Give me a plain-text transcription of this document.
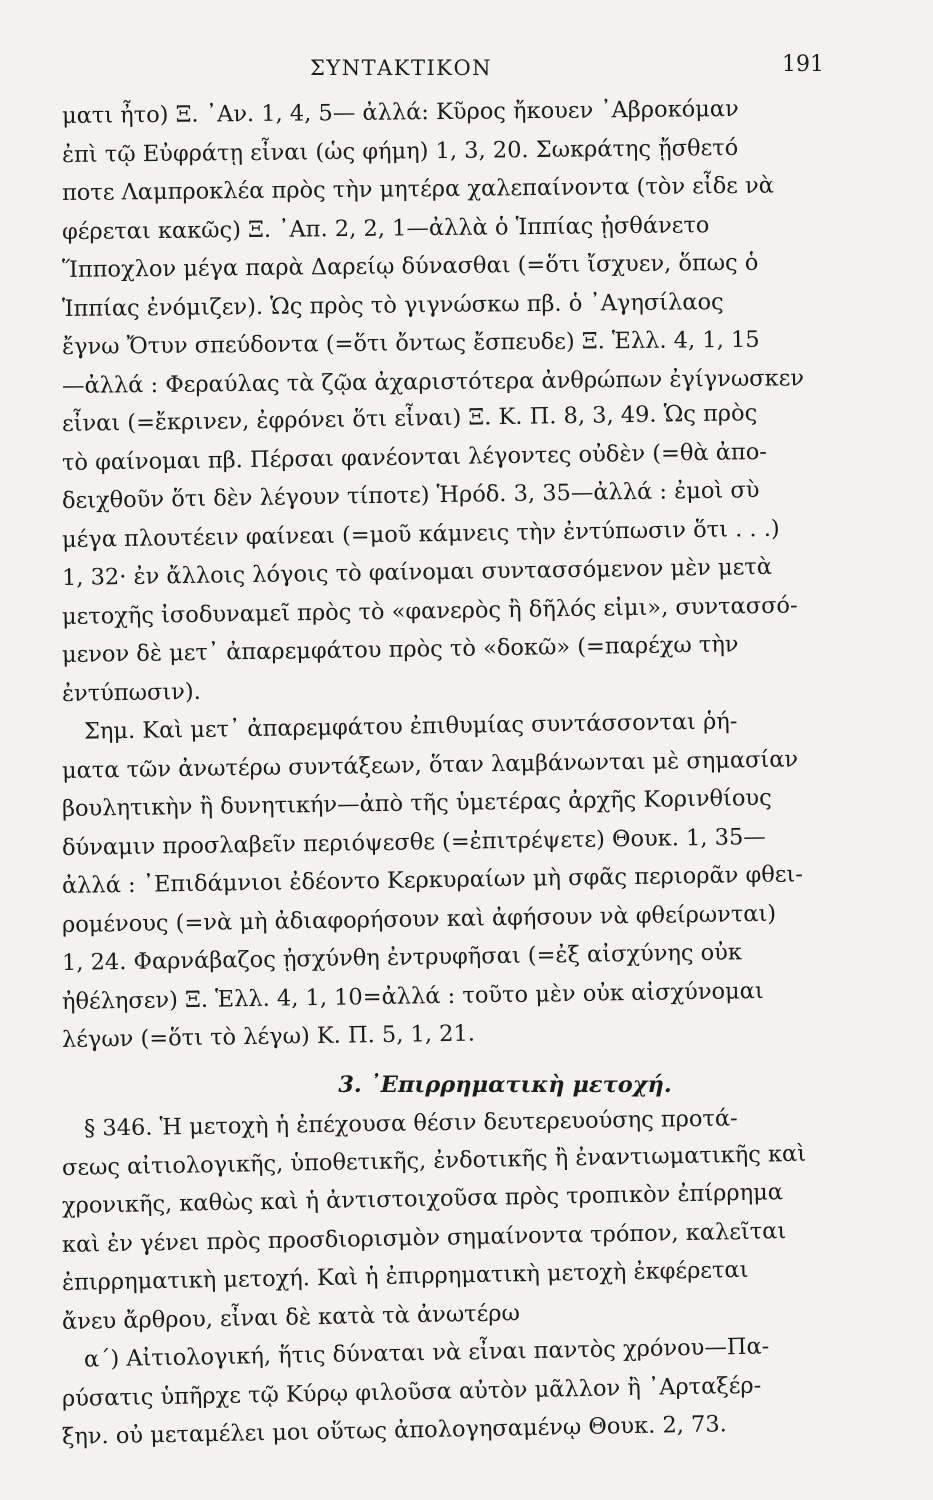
ΣΥΝΤΑΚΤΙΚΟΝ	191
ματι ἦτο) Ξ. ᾿Αν. 1, 4, 5— ἀλλά: Κῦρος ἤκουεν ᾿Αβροκόμαν
ἐπὶ τῷ Εὐφράτῃ εἶναι (ὡς φήμη) 1, 3, 20. Σωκράτης ᾔσθετό
ποτε Λαμπροκλέα πρὸς τὴν μητέρα χαλεπαίνοντα (τὸν εἶδε νὰ
φέρεται κακῶς) Ξ. ᾿Απ. 2, 2, 1—ἀλλὰ ὁ Ἱππίας ᾐσθάνετο
Ἵπποχλον μέγα παρὰ Δαρείῳ δύνασθαι (=ὅτι ἴσχυεν, ὅπως ὁ
Ἱππίας ἐνόμιζεν). Ὡς πρὸς τὸ γιγνώσκω πβ. ὁ ᾿Αγησίλαος
ἔγνω Ὄτυν σπεύδοντα (=ὅτι ὄντως ἔσπευδε) Ξ. Ἑλλ. 4, 1, 15
—ἀλλά : Φεραύλας τὰ ζῷα ἀχαριστότερα ἀνθρώπων ἐγίγνωσκεν
εἶναι (=ἔκρινεν, ἐφρόνει ὅτι εἶναι) Ξ. Κ. Π. 8, 3, 49. Ὡς πρὸς
τὸ φαίνομαι πβ. Πέρσαι φανέονται λέγοντες οὐδὲν (=θὰ ἀπο-
δειχθοῦν ὅτι δὲν λέγουν τίποτε) Ἡρόδ. 3, 35—ἀλλά : ἐμοὶ σὺ
μέγα πλουτέειν φαίνεαι (=μοῦ κάμνεις τὴν ἐντύπωσιν ὅτι . . .)
1, 32· ἐν ἄλλοις λόγοις τὸ φαίνομαι συντασσόμενον μὲν μετὰ
μετοχῆς ἰσοδυναμεῖ πρὸς τὸ «φανερὸς ἢ δῆλός εἰμι», συντασσό-
μενον δὲ μετ᾿ ἀπαρεμφάτου πρὸς τὸ «δοκῶ» (=παρέχω τὴν
ἐντύπωσιν).
Σημ. Καὶ μετ᾿ ἀπαρεμφάτου ἐπιθυμίας συντάσσονται ῥή-
ματα τῶν ἀνωτέρω συντάξεων, ὅταν λαμβάνωνται μὲ σημασίαν
βουλητικὴν ἢ δυνητικήν—ἀπὸ τῆς ὑμετέρας ἀρχῆς Κορινθίους
δύναμιν προσλαβεῖν περιόψεσθε (=ἐπιτρέψετε) Θουκ. 1, 35—
ἀλλά : ᾿Επιδάμνιοι ἐδέοντο Κερκυραίων μὴ σφᾶς περιορᾶν φθει-
ρομένους (=νὰ μὴ ἀδιαφορήσουν καὶ ἀφήσουν νὰ φθείρωνται)
1, 24. Φαρνάβαζος ᾐσχύνθη ἐντρυφῆσαι (=ἐξ αἰσχύνης οὐκ
ἠθέλησεν) Ξ. Ἑλλ. 4, 1, 10=ἀλλά : τοῦτο μὲν οὐκ αἰσχύνομαι
λέγων (=ὅτι τὸ λέγω) Κ. Π. 5, 1, 21.
3. ᾿Επιρρηματικὴ μετοχή.
§ 346. Ἡ μετοχὴ ἡ ἐπέχουσα θέσιν δευτερευούσης προτά-
σεως αἰτιολογικῆς, ὑποθετικῆς, ἐνδοτικῆς ἢ ἐναντιωματικῆς καὶ
χρονικῆς, καθὼς καὶ ἡ ἀντιστοιχοῦσα πρὸς τροπικὸν ἐπίρρημα
καὶ ἐν γένει πρὸς προσδιορισμὸν σημαίνοντα τρόπον, καλεῖται
ἐπιρρηματικὴ μετοχή. Καὶ ἡ ἐπιρρηματικὴ μετοχὴ ἐκφέρεται
ἄνευ ἄρθρου, εἶναι δὲ κατὰ τὰ ἀνωτέρω
α΄) Αἰτιολογική, ἥτις δύναται νὰ εἶναι παντὸς χρόνου—Πα-
ρύσατις ὑπῆρχε τῷ Κύρῳ φιλοῦσα αὐτὸν μᾶλλον ἢ ᾿Αρταξέρ-
ξην. οὐ μεταμέλει μοι οὕτως ἀπολογησαμένῳ Θουκ. 2, 73.
